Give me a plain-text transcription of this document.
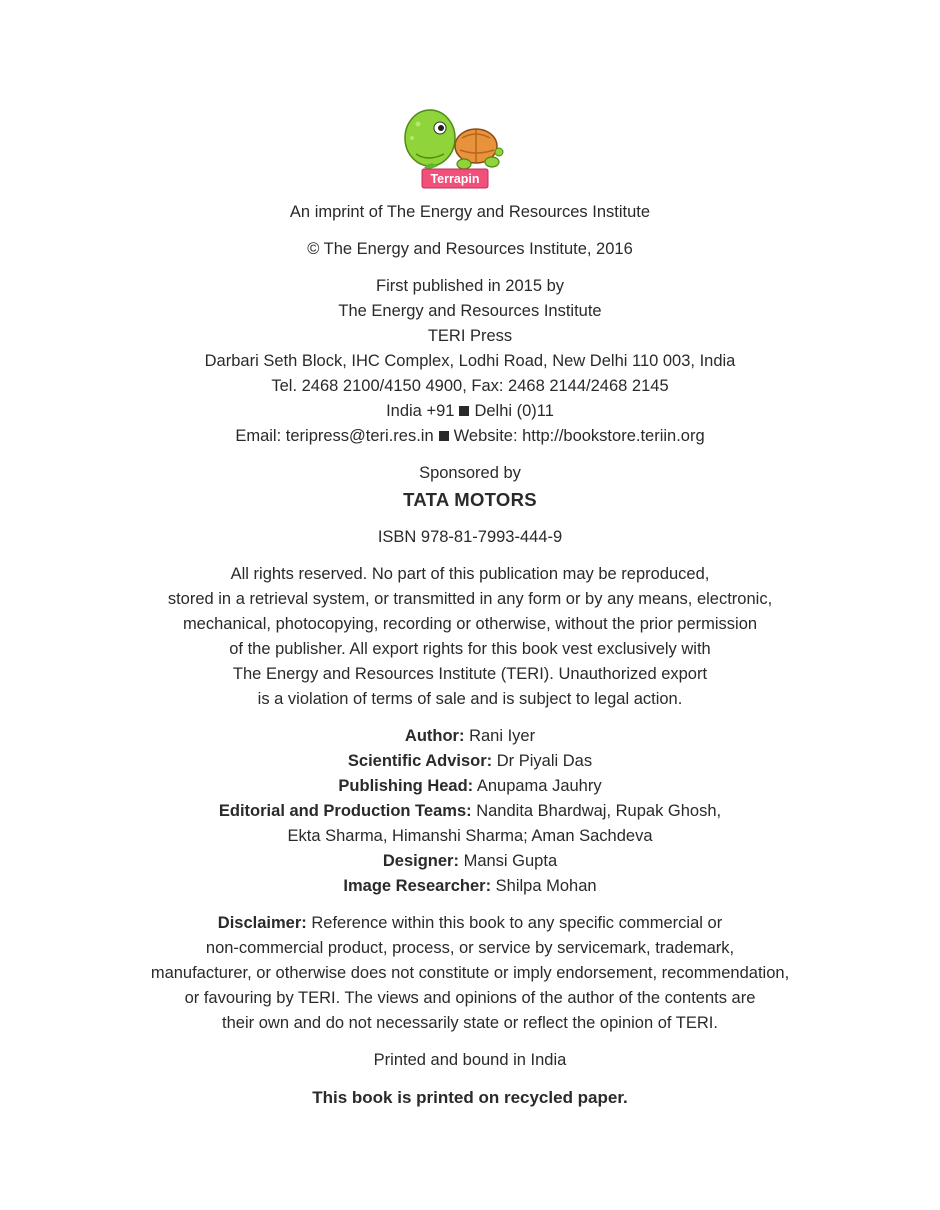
Terrapin

An imprint of The Energy and Resources Institute

© The Energy and Resources Institute, 2016

First published in 2015 by
The Energy and Resources Institute
TERI Press
Darbari Seth Block, IHC Complex, Lodhi Road, New Delhi 110 003, India
Tel. 2468 2100/4150 4900, Fax: 2468 2144/2468 2145
India +91 Delhi (0)11
Email: teripress@teri.res.in Website: http://bookstore.teriin.org
Sponsored by
TATA MOTORS

ISBN 978-81-7993-444-9

All rights reserved. No part of this publication may be reproduced,
stored in a retrieval system, or transmitted in any form or by any means, electronic,
mechanical, photocopying, recording or otherwise, without the prior permission
of the publisher. All export rights for this book vest exclusively with
The Energy and Resources Institute (TERI). Unauthorized export
is a violation of terms of sale and is subject to legal action.
Author: Rani Iyer
Scientific Advisor: Dr Piyali Das
Publishing Head: Anupama Jauhry
Editorial and Production Teams: Nandita Bhardwaj, Rupak Ghosh,
Ekta Sharma, Himanshi Sharma; Aman Sachdeva
Designer: Mansi Gupta
Image Researcher: Shilpa Mohan
Disclaimer: Reference within this book to any specific commercial or
non-commercial product, process, or service by servicemark, trademark,
manufacturer, or otherwise does not constitute or imply endorsement, recommendation,
or favouring by TERI. The views and opinions of the author of the contents are
their own and do not necessarily state or reflect the opinion of TERI.

Printed and bound in India

This book is printed on recycled paper.
